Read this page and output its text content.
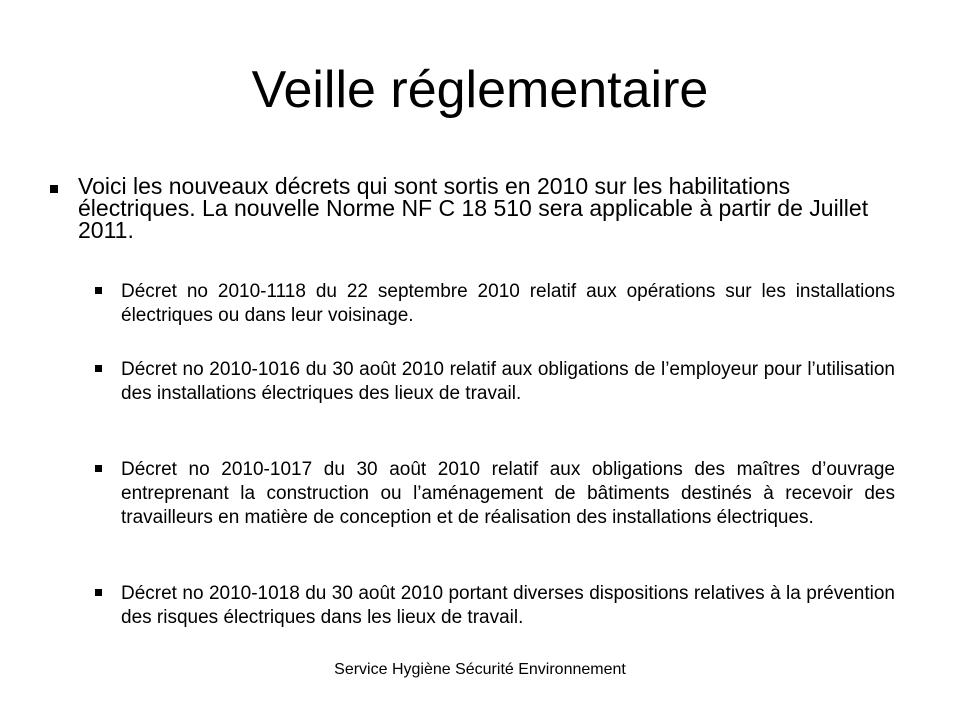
Veille réglementaire
Voici les nouveaux décrets qui sont sortis en 2010 sur les habilitations électriques. La nouvelle Norme NF C 18 510 sera applicable à partir de Juillet 2011.
Décret no 2010-1118 du 22 septembre 2010 relatif aux opérations sur les installations électriques ou dans leur voisinage.
Décret no 2010-1016 du 30 août 2010 relatif aux obligations de l’employeur pour l’utilisation des installations électriques des lieux de travail.
Décret no 2010-1017 du 30 août 2010 relatif aux obligations des maîtres d’ouvrage entreprenant la construction ou l’aménagement de bâtiments destinés à recevoir des travailleurs en matière de conception et de réalisation des installations électriques.
Décret no 2010-1018 du 30 août 2010 portant diverses dispositions relatives à la prévention des risques électriques dans les lieux de travail.
Service Hygiène Sécurité Environnement
